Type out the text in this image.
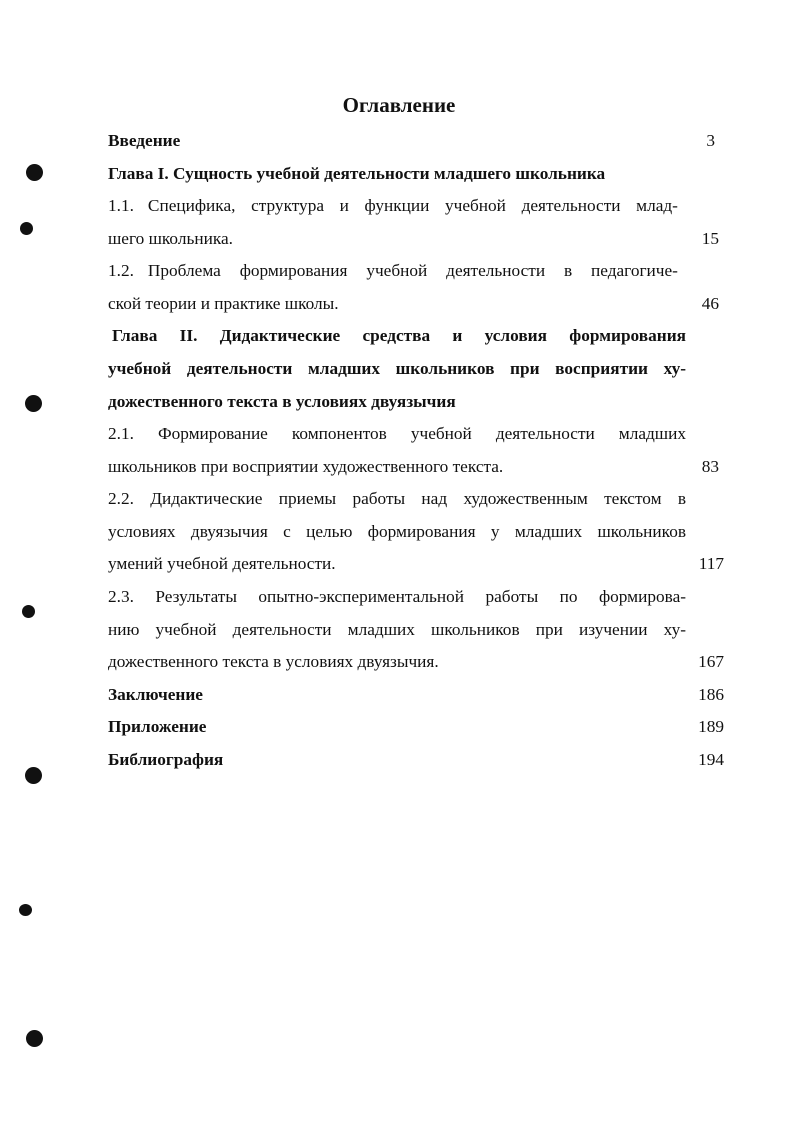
Оглавление
Введение	3
Глава I. Сущность учебной деятельности младшего школьника
1.1. Специфика, структура и функции учебной деятельности млад-
шего школьника.	15
1.2. Проблема формирования учебной деятельности в педагогиче-
ской теории и практике школы.	46
Глава II. Дидактические средства и условия формирования
учебной деятельности младших школьников при восприятии ху-
дожественного текста в условиях двуязычия
2.1. Формирование компонентов учебной деятельности младших
школьников при восприятии художественного текста.	83
2.2. Дидактические приемы работы над художественным текстом в
условиях двуязычия с целью формирования у младших школьников
умений учебной деятельности.	117
2.3. Результаты опытно-экспериментальной работы по формирова-
нию учебной деятельности младших школьников при изучении ху-
дожественного текста в условиях двуязычия.	167
Заключение	186
Приложение	189
Библиография	194
